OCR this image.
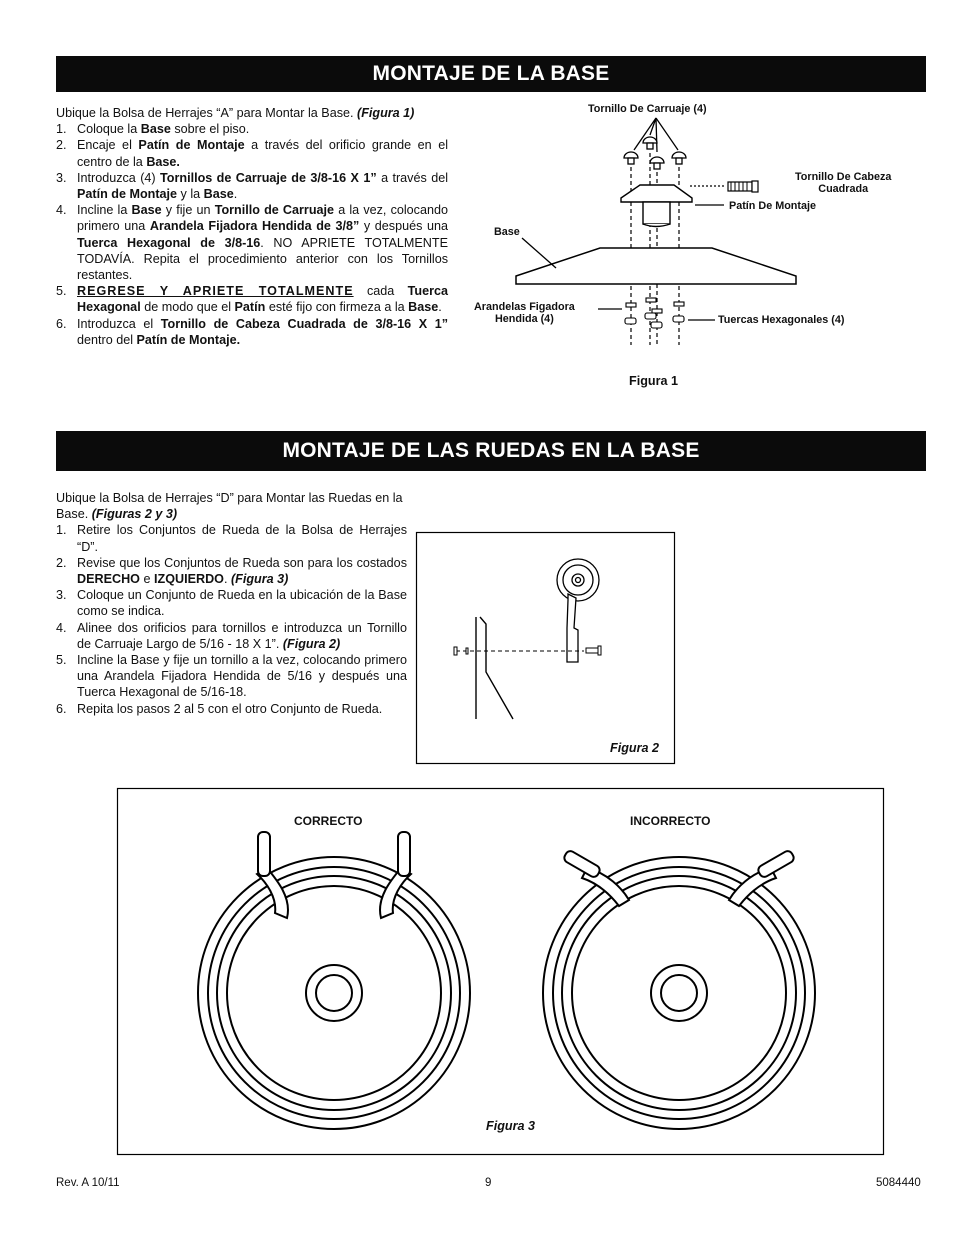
MONTAJE DE LA BASE

Ubique la Bolsa de Herrajes “A” para Montar la Base. (Figura 1)

1. Coloque la Base sobre el piso.
2. Encaje el Patín de Montaje a través del orificio grande en el centro de la Base.
3. Introduzca (4) Tornillos de Carruaje de 3/8-16 X 1” a través del Patín de Montaje y la Base.
4. Incline la Base y fije un Tornillo de Carruaje a la vez, colocando primero una Arandela Fijadora Hendida de 3/8” y después una Tuerca Hexagonal de 3/8-16. NO APRIETE TOTALMENTE TODAVÍA. Repita el procedimiento anterior con los Tornillos restantes.
5. REGRESE Y APRIETE TOTALMENTE cada Tuerca Hexagonal de modo que el Patín esté fijo con firmeza a la Base.
6. Introduzca el Tornillo de Cabeza Cuadrada de 3/8-16 X 1” dentro del Patín de Montaje.
Tornillo De Carruaje (4)
Tornillo De Cabeza
Cuadrada
Patín De Montaje
Base
Arandelas Figadora
Hendida (4)	Tuercas Hexagonales (4)
Figura 1
MONTAJE DE LAS RUEDAS EN LA BASE

Ubique la Bolsa de Herrajes “D” para Montar las Ruedas en la Base. (Figuras 2 y 3)

1. Retire los Conjuntos de Rueda de la Bolsa de Herrajes “D”.
2. Revise que los Conjuntos de Rueda son para los costados DERECHO e IZQUIERDO. (Figura 3)
3. Coloque un Conjunto de Rueda en la ubicación de la Base como se indica.
4. Alinee dos orificios para tornillos e introduzca un Tornillo de Carruaje Largo de 5/16 - 18 X 1”. (Figura 2)
5. Incline la Base y fije un tornillo a la vez, colocando primero una Arandela Fijadora Hendida de 5/16 y después una Tuerca Hexagonal de 5/16-18.
6. Repita los pasos 2 al 5 con el otro Conjunto de Rueda.
Figura 2
CORRECTO	INCORRECTO
Figura 3
Rev. A 10/11	9	5084440
